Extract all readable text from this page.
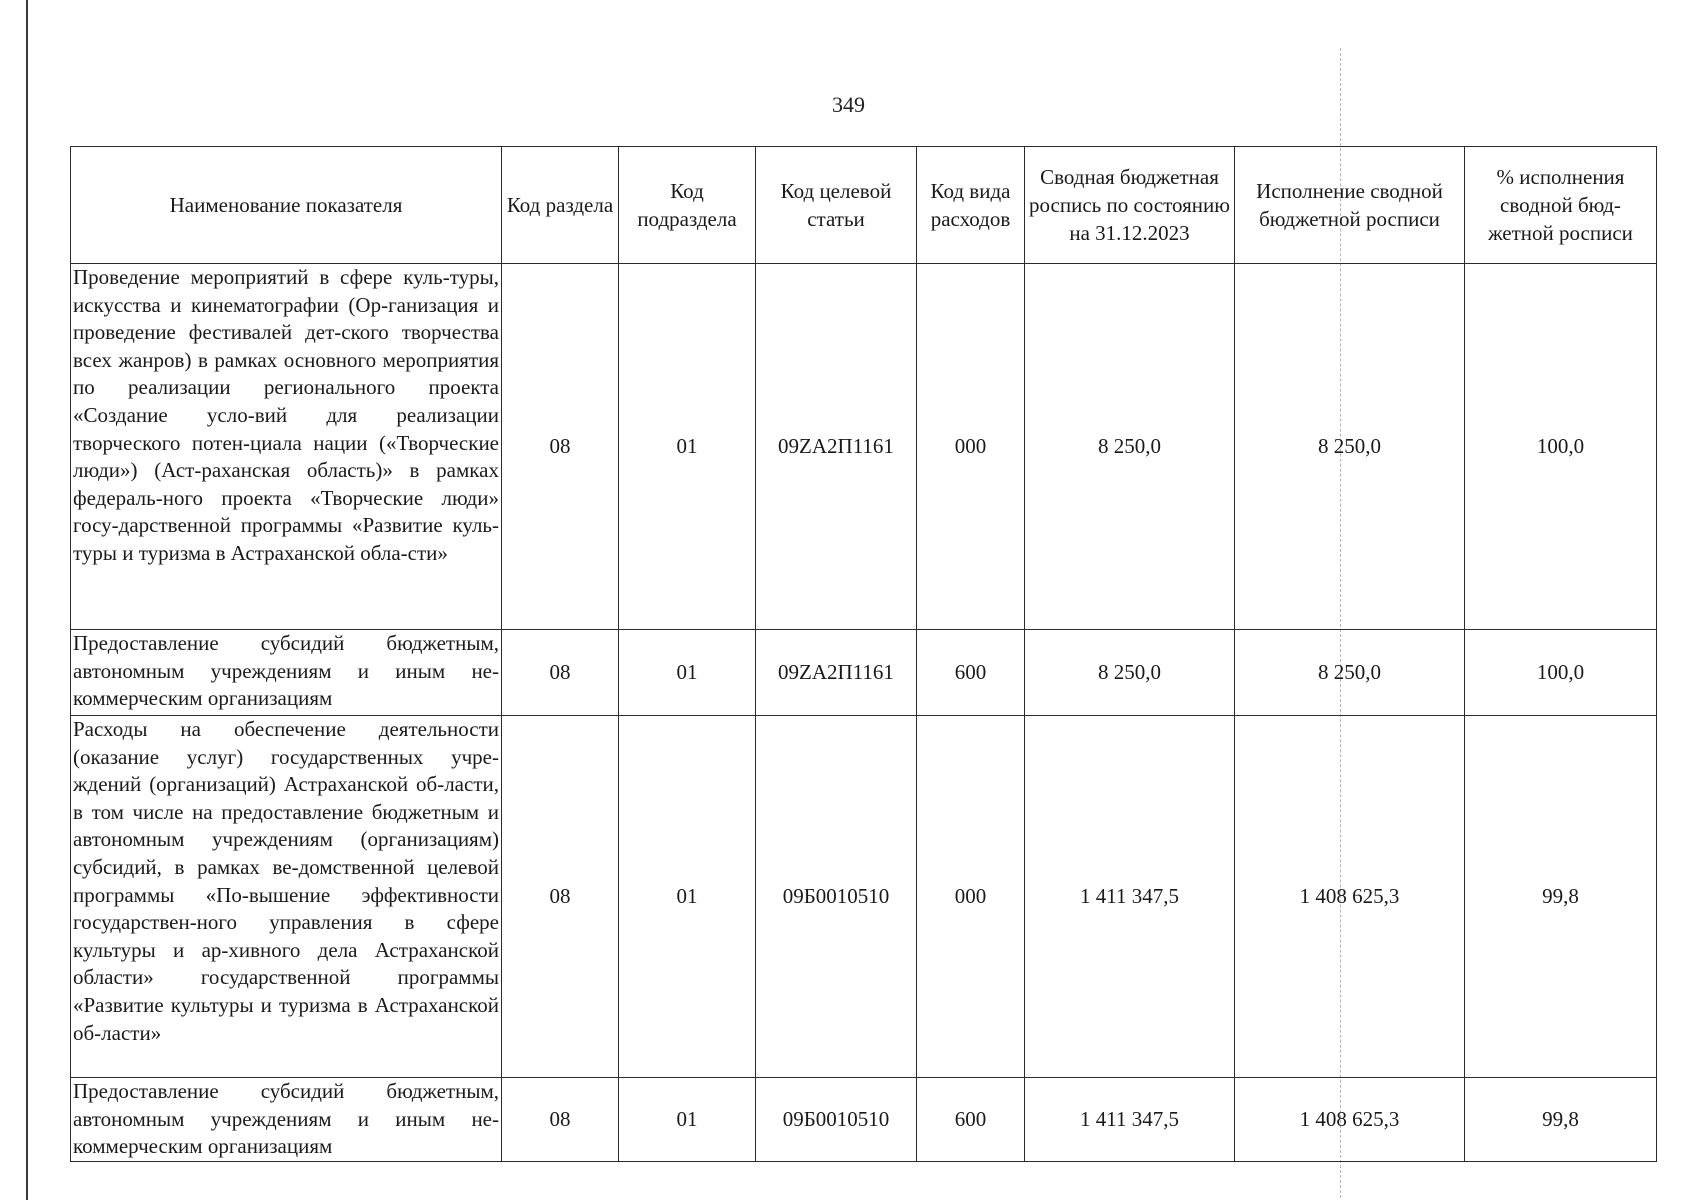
349
Наименование показателя	Код раздела	Код подраздела	Код целевой статьи	Код вида расходов	Сводная бюджетная роспись по состоянию на 31.12.2023	Исполнение сводной бюджетной росписи	% исполнения сводной бюд-жетной росписи
Проведение мероприятий в сфере куль-туры, искусства и кинематографии (Ор-ганизация и проведение фестивалей дет-ского творчества всех жанров) в рамках основного мероприятия по реализации регионального проекта «Создание усло-вий для реализации творческого потен-циала нации («Творческие люди») (Аст-раханская область)» в рамках федераль-ного проекта «Творческие люди» госу-дарственной программы «Развитие куль-туры и туризма в Астраханской обла-сти»	08	01	09ZA2П1161	000	8 250,0	8 250,0	100,0
Предоставление субсидий бюджетным, автономным учреждениям и иным не-коммерческим организациям	08	01	09ZA2П1161	600	8 250,0	8 250,0	100,0
Расходы на обеспечение деятельности (оказание услуг) государственных учре-ждений (организаций) Астраханской об-ласти, в том числе на предоставление бюджетным и автономным учреждениям (организациям) субсидий, в рамках ве-домственной целевой программы «По-вышение эффективности государствен-ного управления в сфере культуры и ар-хивного дела Астраханской области» государственной программы «Развитие культуры и туризма в Астраханской об-ласти»	08	01	09Б0010510	000	1 411 347,5	1 408 625,3	99,8
Предоставление субсидий бюджетным, автономным учреждениям и иным не-коммерческим организациям	08	01	09Б0010510	600	1 411 347,5	1 408 625,3	99,8
